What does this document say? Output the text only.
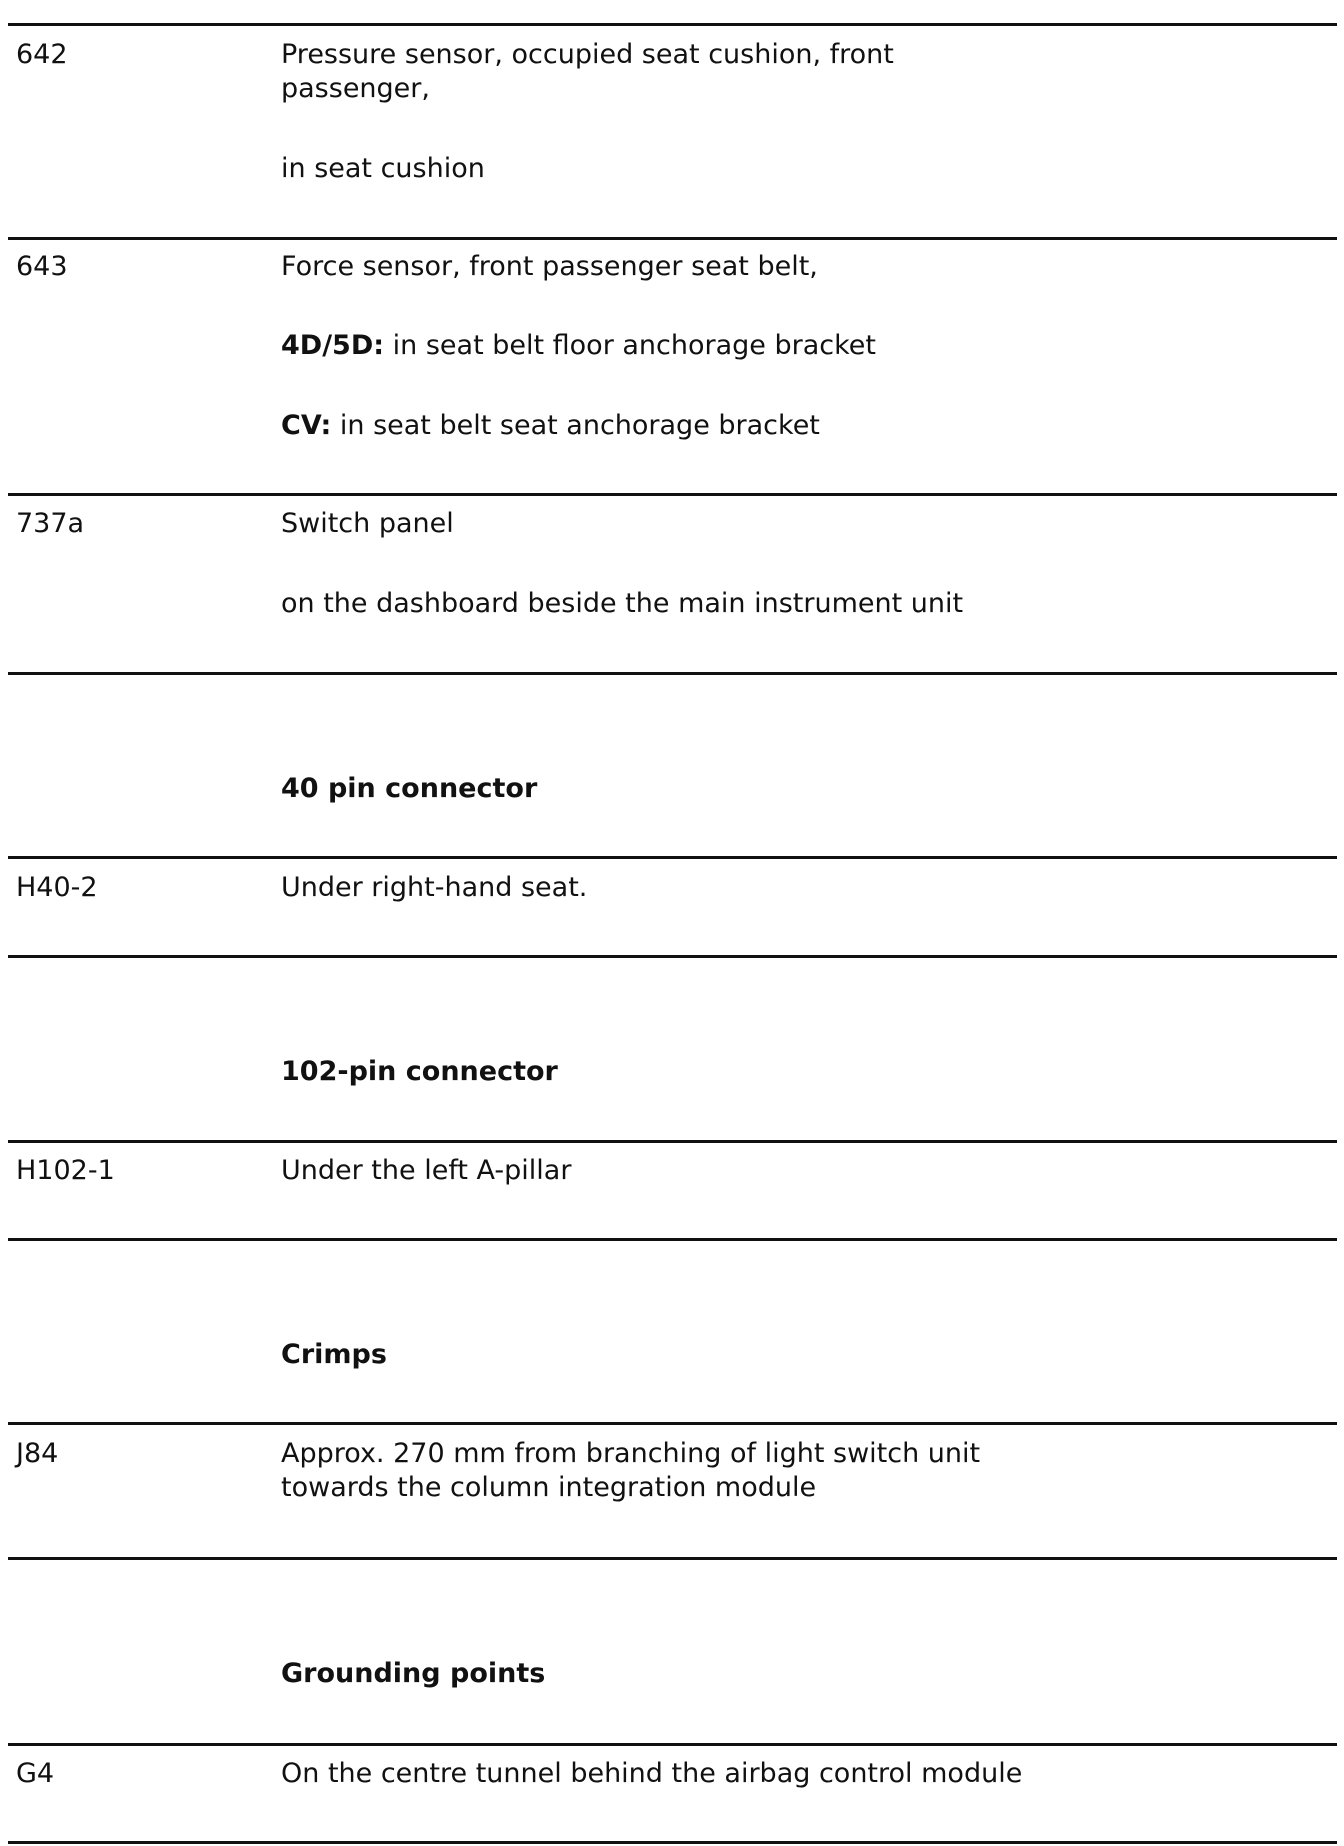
642	Pressure sensor, occupied seat cushion, front
passenger,
in seat cushion
643	Force sensor, front passenger seat belt,
4D/5D: in seat belt floor anchorage bracket
CV: in seat belt seat anchorage bracket
737a	Switch panel
on the dashboard beside the main instrument unit
40 pin connector
H40-2	Under right-hand seat.
102-pin connector
H102-1	Under the left A-pillar
Crimps
J84	Approx. 270 mm from branching of light switch unit
towards the column integration module
Grounding points
G4	On the centre tunnel behind the airbag control module
